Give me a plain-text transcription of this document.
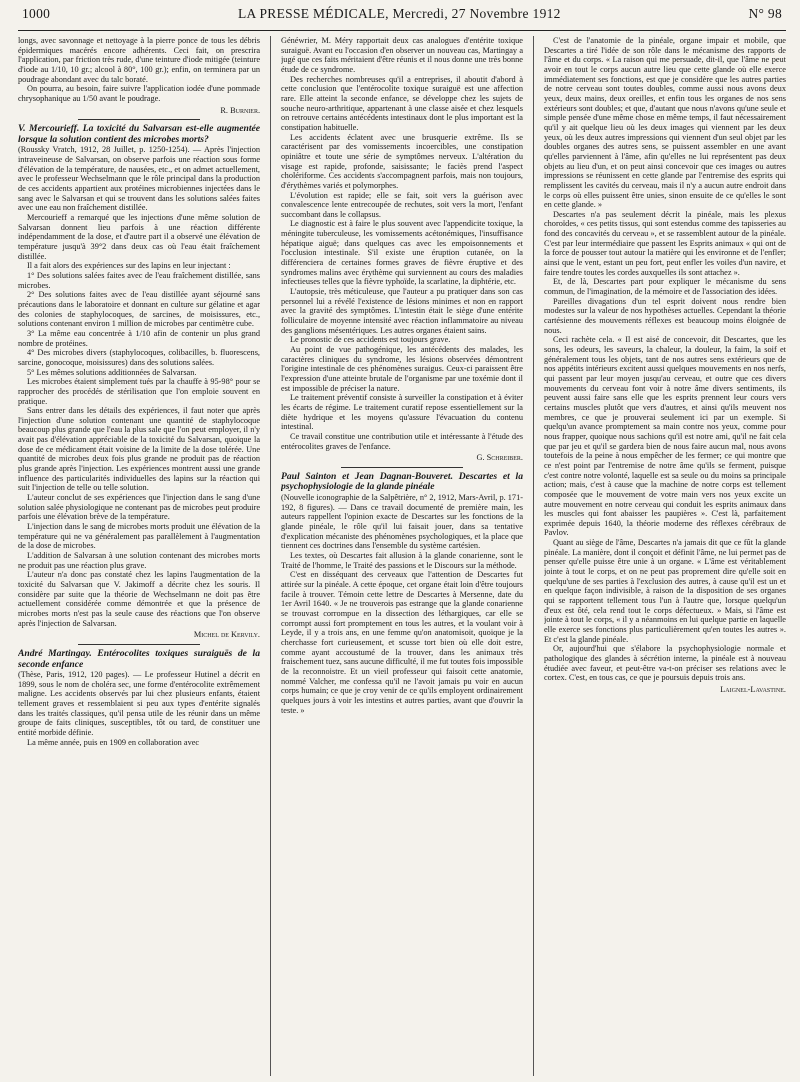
1000	LA PRESSE MÉDICALE, Mercredi, 27 Novembre 1912	N° 98

longs, avec savonnage et nettoyage à la pierre ponce de tous les débris épidermiques macérés encore adhérents. Ceci fait, on prescrira l'application, par friction très rude, d'une teinture d'iode mitigée (teinture d'iode au 1/10, 10 gr.; alcool à 80°, 100 gr.); enfin, on terminera par un poudrage abondant avec du talc boraté.

On pourra, au besoin, faire suivre l'application iodée d'une pommade chrysophanique au 1/50 avant le poudrage.

R. Burnier.

V. Mercourieff. La toxicité du Salvarsan est-elle augmentée lorsque la solution contient des microbes morts?

(Roussky Vratch, 1912, 28 Juillet, p. 1250-1254). — Après l'injection intraveineuse de Salvarsan, on observe parfois une réaction sous forme d'élévation de la température, de nausées, etc., et on admet actuellement, avec le professeur Wechselmann que le rôle principal dans la production de ces accidents appartient aux protéines microbiennes injectées dans le sang avec le Salvarsan et qui se trouvent dans les solutions salées faites avec une eau non fraîchement distillée.

Mercourieff a remarqué que les injections d'une même solution de Salvarsan donnent lieu parfois à une réaction différente indépendamment de la dose, et d'autre part il a observé une élévation de température jusqu'à 39°2 dans deux cas où l'eau était fraîchement distillée.

Il a fait alors des expériences sur des lapins en leur injectant :

1° Des solutions salées faites avec de l'eau fraîchement distillée, sans microbes.

2° Des solutions faites avec de l'eau distillée ayant séjourné sans précautions dans le laboratoire et donnant en culture sur gélatine et agar des colonies de staphylocoques, de sarcines, de moisissures, etc., solutions contenant environ 1 million de microbes par centimètre cube.

3° La même eau concentrée à 1/10 afin de contenir un plus grand nombre de protéines.

4° Des microbes divers (staphylocoques, colibacilles, b. fluorescens, sarcine, gonocoque, moisissures) dans des solutions salées.

5° Les mêmes solutions additionnées de Salvarsan.

Les microbes étaient simplement tués par la chauffe à 95-98° pour se rapprocher des procédés de stérilisation que l'on emploie souvent en pratique.

Sans entrer dans les détails des expériences, il faut noter que après l'injection d'une solution contenant une quantité de staphylocoque beaucoup plus grande que l'eau la plus sale que l'on peut employer, il n'y avait pas d'élévation appréciable de la toxicité du Salvarsan, quoique la dose de ce médicament était voisine de la limite de la dose tolérée. Une quantité de microbes deux fois plus grande ne produit pas de réaction plus grande après l'injection. Les expériences montrent aussi une grande influence des particularités individuelles des lapins sur la réaction qui suit l'injection de telle ou telle solution.

L'auteur conclut de ses expériences que l'injection dans le sang d'une solution salée physiologique ne contenant pas de microbes peut produire parfois une élévation brève de la température.

L'injection dans le sang de microbes morts produit une élévation de la température qui ne va généralement pas parallèlement à l'augmentation de la dose de microbes.

L'addition de Salvarsan à une solution contenant des microbes morts ne produit pas une réaction plus grave.

L'auteur n'a donc pas constaté chez les lapins l'augmentation de la toxicité du Salvarsan que V. Jakimoff a décrite chez les souris. Il considère par suite que la théorie de Wechselmann ne doit pas être actuellement considérée comme démontrée et que la présence de microbes morts n'est pas la seule cause des réactions que l'on observe après l'injection de Salvarsan.

Michel de Kervily.

André Martingay. Entérocolites toxiques suraiguës de la seconde enfance

(Thèse, Paris, 1912, 120 pages). — Le professeur Hutinel a décrit en 1899, sous le nom de choléra sec, une forme d'entérocolite extrêmement maligne. Les accidents observés par lui chez plusieurs enfants, étaient tellement graves et ressemblaient si peu aux types d'entérite signalés dans les traités classiques, qu'il pensa utile de les réunir dans un même groupe de faits cliniques, susceptibles, tôt ou tard, de constituer une entité morbide définie.

La même année, puis en 1909 en collaboration avec

Généwrier, M. Méry rapportait deux cas analogues d'entérite toxique suraiguë. Avant eu l'occasion d'en observer un nouveau cas, Martingay a jugé que ces faits méritaient d'être réunis et il nous donne une très bonne étude de ce syndrome.

Des recherches nombreuses qu'il a entreprises, il aboutit d'abord à cette conclusion que l'entérocolite toxique suraiguë est une affection rare. Elle atteint la seconde enfance, se développe chez les sujets de souche neuro-arthritique, appartenant à une classe aisée et chez lesquels on retrouve certains antécédents intestinaux dont le plus important est la constipation habituelle.

Les accidents éclatent avec une brusquerie extrême. Ils se caractérisent par des vomissements incoercibles, une constipation opiniâtre et toute une série de symptômes nerveux. L'altération du visage est rapide, profonde, saisissante; le faciès prend l'aspect cholériforme. Ces accidents s'accompagnent parfois, mais non toujours, d'érythèmes variés et polymorphes.

L'évolution est rapide; elle se fait, soit vers la guérison avec convalescence lente entrecoupée de rechutes, soit vers la mort, l'enfant succombant dans le collapsus.

Le diagnostic est à faire le plus souvent avec l'appendicite toxique, la méningite tuberculeuse, les vomissements acétonémiques, l'insuffisance hépatique aiguë; dans quelques cas avec les empoisonnements et l'occlusion intestinale. S'il existe une éruption cutanée, on la différenciera de certaines formes graves de fièvre éruptive et des syndromes malins avec érythème qui surviennent au cours des maladies infectieuses telles que la fièvre typhoïde, la scarlatine, la diphtérie, etc.

L'autopsie, très méticuleuse, que l'auteur a pu pratiquer dans son cas personnel lui a révélé l'existence de lésions minimes et non en rapport avec la gravité des symptômes. L'intestin était le siège d'une entérite folliculaire de moyenne intensité avec réaction inflammatoire au niveau des ganglions mésentériques. Les autres organes étaient sains.

Le pronostic de ces accidents est toujours grave.

Au point de vue pathogénique, les antécédents des malades, les caractères cliniques du syndrome, les lésions observées démontrent l'origine intestinale de ces phénomènes suraigus. Ceux-ci paraissent être l'expression d'une atteinte brutale de l'organisme par une toxémie dont il est impossible de préciser la nature.

Le traitement préventif consiste à surveiller la constipation et à éviter les écarts de régime. Le traitement curatif repose essentiellement sur la diète hydrique et les moyens qu'assure l'évacuation du contenu intestinal.

Ce travail constitue une contribution utile et intéressante à l'étude des entérocolites graves de l'enfance.

G. Schreiber.

Paul Sainton et Jean Dagnan-Bouveret. Descartes et la psychophysiologie de la glande pinéale

(Nouvelle iconographie de la Salpêtrière, n° 2, 1912, Mars-Avril, p. 171-192, 8 figures). — Dans ce travail documenté de première main, les auteurs rappellent l'opinion exacte de Descartes sur les fonctions de la glande pinéale, le rôle qu'il lui faisait jouer, dans sa tentative d'explication mécaniste des phénomènes psychologiques, et la place que tiennent ces doctrines dans l'ensemble du système cartésien.

Les textes, où Descartes fait allusion à la glande conarienne, sont le Traité de l'homme, le Traité des passions et le Discours sur la méthode.

C'est en disséquant des cerveaux que l'attention de Descartes fut attirée sur la pinéale. A cette époque, cet organe était loin d'être toujours facile à trouver. Témoin cette lettre de Descartes à Mersenne, date du 1er Avril 1640. « Je ne trouverois pas estrange que la glande conarienne se trouvast corrompue en la dissection des léthargiques, car elle se corrompt aussi fort promptement en tous les autres, et la voulant voir à Leyde, il y a trois ans, en une femme qu'on anatomisoit, quoique je la cherchasse fort curieusement, et scusse tort bien où elle doit estre, comme ayant accoustumé de la trouver, dans les animaux très fraischement tuez, sans aucune difficulté, il me fut toutes fois impossible de la reconnoistre. Et un vieil professeur qui faisoit cette anatomie, nommé Valcher, me confessa qu'il ne l'avoit jamais pu voir en aucun corps humain; ce que je croy venir de ce qu'ils employent ordinairement quelques jours à voir les intestins et autres parties, avant que d'ouvrir la teste. »

C'est de l'anatomie de la pinéale, organe impair et mobile, que Descartes a tiré l'idée de son rôle dans le mécanisme des rapports de l'âme et du corps. « La raison qui me persuade, dit-il, que l'âme ne peut avoir en tout le corps aucun autre lieu que cette glande où elle exerce immédiatement ses fonctions, est que je considère que les autres parties de notre cerveau sont toutes doubles, comme aussi nous avons deux yeux, deux mains, deux oreilles, et enfin tous les organes de nos sens extérieurs sont doubles; et que, d'autant que nous n'avons qu'une seule et simple pensée d'une même chose en même temps, il faut nécessairement qu'il y ait quelque lieu où les deux images qui viennent par les deux yeux, où les deux autres impressions qui viennent d'un seul objet par les doubles organes des autres sens, se puissent assembler en une avant qu'elles parviennent à l'âme, afin qu'elles ne lui représentent pas deux objets au lieu d'un, et on peut ainsi concevoir que ces images ou autres impressions se réunissent en cette glande par l'entremise des esprits qui remplissent les cavités du cerveau, mais il n'y a aucun autre endroit dans le corps où elles puissent être unies, sinon ensuite de ce qu'elles le sont en cette glande. »

Descartes n'a pas seulement décrit la pinéale, mais les plexus choroïdes, « ces petits tissus, qui sont estendus comme des tapisseries au fond des concavités du cerveau », et se rassemblent autour de la pinéale. C'est par leur intermédiaire que passent les Esprits animaux « qui ont de la force de pousser tout autour la matière qui les environne et de l'enfler; ainsi que le vent, estant un peu fort, peut enfler les voiles d'un navire, et faire tendre toutes les cordes auxquelles ils sont attachez ».

Et, de là, Descartes part pour expliquer le mécanisme du sens commun, de l'imagination, de la mémoire et de l'association des idées.

Pareilles divagations d'un tel esprit doivent nous rendre bien modestes sur la valeur de nos hypothèses actuelles. Cependant la théorie cartésienne des mouvements réflexes est beaucoup moins éloignée de nous.

Ceci rachète cela. « Il est aisé de concevoir, dit Descartes, que les sons, les odeurs, les saveurs, la chaleur, la douleur, la faim, la soif et généralement tous les objets, tant de nos autres sens extérieurs que de nos appétits intérieurs excitent aussi quelques mouvements en nos nerfs, qui passent par leur moyen jusqu'au cerveau, et outre que ces divers mouvements du cerveau font voir à notre âme divers sentiments, ils peuvent aussi faire sans elle que les esprits prennent leur cours vers certains muscles plutôt que vers d'autres, et ainsi qu'ils meuvent nos membres, ce que je prouverai seulement ici par un exemple. Si quelqu'un avance promptement sa main contre nos yeux, comme pour nous frapper, quoique nous sachions qu'il est notre ami, qu'il ne fait cela que par jeu et qu'il se gardera bien de nous faire aucun mal, nous avons toutefois de la peine à nous empêcher de les fermer; ce qui montre que ce n'est point par l'entremise de notre âme qu'ils se ferment, puisque c'est contre notre volonté, laquelle est sa seule ou du moins sa principale action; mais, c'est à cause que la machine de notre corps est tellement composée que le mouvement de votre main vers nos yeux excite un autre mouvement en notre cerveau qui conduit les esprits animaux dans les muscles qui font abaisser les paupières ». C'est là, parfaitement exprimée depuis 1640, la théorie moderne des réflexes cérébraux de Pavlov.

Quant au siège de l'âme, Descartes n'a jamais dit que ce fût la glande pinéale. La manière, dont il conçoit et définit l'âme, ne lui permet pas de penser qu'elle puisse être unie à un organe. « L'âme est véritablement jointe à tout le corps, et on ne peut pas proprement dire qu'elle soit en quelqu'une de ses parties à l'exclusion des autres, à cause qu'il est un et en quelque façon indivisible, à raison de la disposition de ses organes qui se rapportent tellement tous l'un à l'autre que, lorsque quelqu'un d'eux est ôté, cela rend tout le corps défectueux. » Mais, si l'âme est jointe à tout le corps, « il y a néanmoins en lui quelque partie en laquelle elle exerce ses fonctions plus particulièrement qu'en toutes les autres ». Et c'est la glande pinéale.

Or, aujourd'hui que s'élabore la psychophysiologie normale et pathologique des glandes à sécrétion interne, la pinéale est à nouveau étudiée avec faveur, et peut-être va-t-on préciser ses relations avec le cortex. C'est, en tous cas, ce que je poursuis depuis trois ans.

Laignel-Lavastine.
